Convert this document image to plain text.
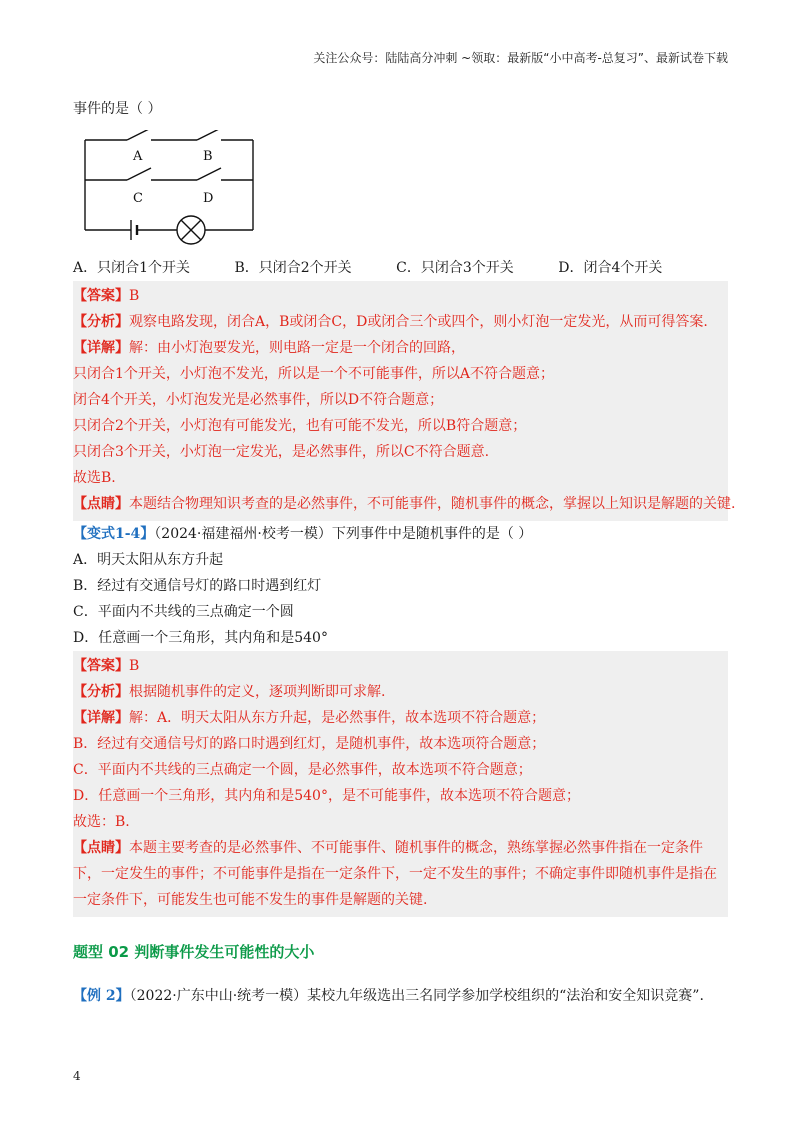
关注公众号：陆陆高分冲刺 ~领取：最新版“小中高考-总复习”、最新试卷下载
事件的是（ ）
A	B
C	D
A．只闭合1个开关	B．只闭合2个开关	C．只闭合3个开关	D．闭合4个开关
【答案】B
【分析】观察电路发现，闭合A，B或闭合C，D或闭合三个或四个，则小灯泡一定发光，从而可得答案.
【详解】解：由小灯泡要发光，则电路一定是一个闭合的回路，
只闭合1个开关，小灯泡不发光，所以是一个不可能事件，所以A不符合题意；
闭合4个开关，小灯泡发光是必然事件，所以D不符合题意；
只闭合2个开关，小灯泡有可能发光，也有可能不发光，所以B符合题意；
只闭合3个开关，小灯泡一定发光，是必然事件，所以C不符合题意.
故选B.
【点睛】本题结合物理知识考查的是必然事件，不可能事件，随机事件的概念，掌握以上知识是解题的关键.
【变式1-4】（2024·福建福州·校考一模）下列事件中是随机事件的是（ ）
A．明天太阳从东方升起
B．经过有交通信号灯的路口时遇到红灯
C．平面内不共线的三点确定一个圆
D．任意画一个三角形，其内角和是540°
【答案】B
【分析】根据随机事件的定义，逐项判断即可求解.
【详解】解：A．明天太阳从东方升起，是必然事件，故本选项不符合题意；
B．经过有交通信号灯的路口时遇到红灯，是随机事件，故本选项符合题意；
C．平面内不共线的三点确定一个圆，是必然事件，故本选项不符合题意；
D．任意画一个三角形，其内角和是540°，是不可能事件，故本选项不符合题意；
故选：B.
【点睛】本题主要考查的是必然事件、不可能事件、随机事件的概念，熟练掌握必然事件指在一定条件下，一定发生的事件；不可能事件是指在一定条件下，一定不发生的事件；不确定事件即随机事件是指在一定条件下，可能发生也可能不发生的事件是解题的关键.
题型 02 判断事件发生可能性的大小
【例 2】（2022·广东中山·统考一模）某校九年级选出三名同学参加学校组织的“法治和安全知识竞赛”.
4
